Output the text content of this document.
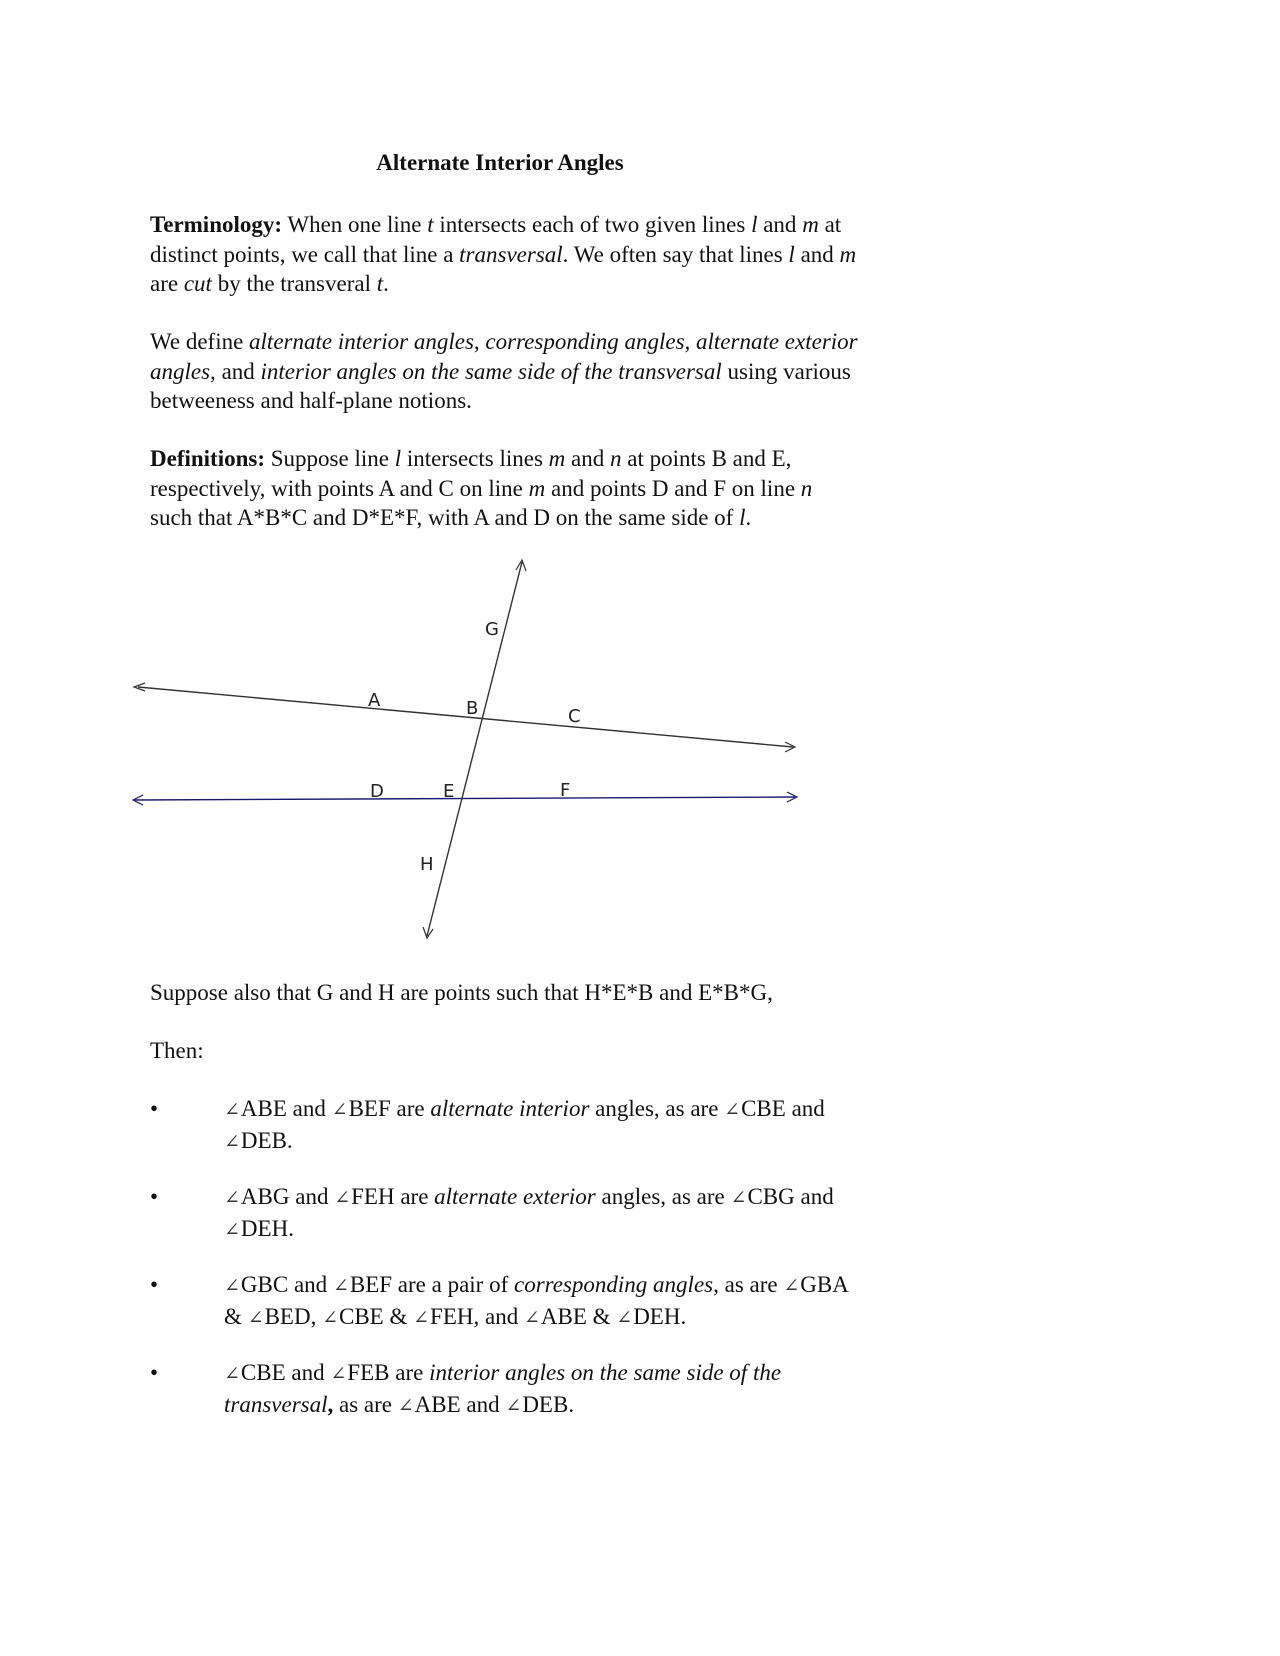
Alternate Interior Angles

Terminology: When one line t intersects each of two given lines l and m at distinct points, we call that line a transversal. We often say that lines l and m are cut by the transveral t.

We define alternate interior angles, corresponding angles, alternate exterior angles, and interior angles on the same side of the transversal using various betweeness and half-plane notions.

Definitions: Suppose line l intersects lines m and n at points B and E, respectively, with points A and C on line m and points D and F on line n such that A*B*C and D*E*F, with A and D on the same side of l.

G
A	B	C
D	E	F
H

Suppose also that G and H are points such that H*E*B and E*B*G,

Then:

•	∠ABE and ∠BEF are alternate interior angles, as are ∠CBE and ∠DEB.
•	∠ABG and ∠FEH are alternate exterior angles, as are ∠CBG and ∠DEH.
•	∠GBC and ∠BEF are a pair of corresponding angles, as are ∠GBA & ∠BED, ∠CBE & ∠FEH, and ∠ABE & ∠DEH.
•	∠CBE and ∠FEB are interior angles on the same side of the transversal, as are ∠ABE and ∠DEB.
